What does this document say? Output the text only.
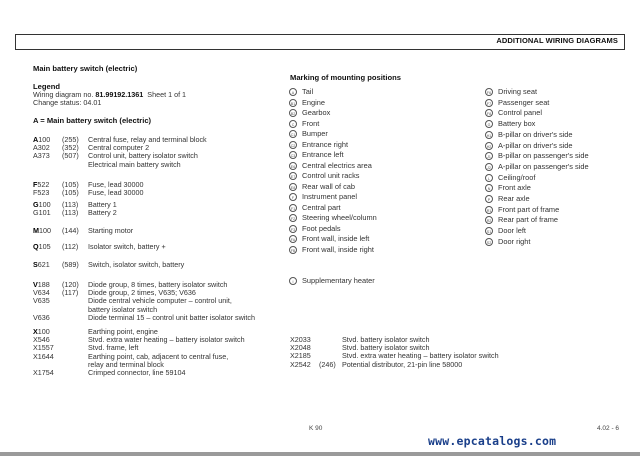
ADDITIONAL WIRING DIAGRAMS
Main battery switch (electric)
Legend
Wiring diagram no. 81.99192.1361 Sheet 1 of 1
Change status: 04.01
A = Main battery switch (electric)
A100	(255)	Central fuse, relay and terminal block
A302	(352)	Central computer 2
A373	(507)	Control unit, battery isolator switch
Electrical main battery switch
F522	(105)	Fuse, lead 30000
F523	(105)	Fuse, lead 30000
G100	(113)	Battery 1
G101	(113)	Battery 2
M100	(144)	Starting motor
Q105	(112)	Isolator switch, battery +
S621	(589)	Switch, isolator switch, battery
V188	(120)	Diode group, 8 times, battery isolator switch
V634	(117)	Diode group, 2 times, V635; V636
V635	Diode central vehicle computer – control unit,
battery isolator switch
V636	Diode terminal 15 – control unit batter isolator switch
X100	Earthing point, engine
X546	Stvd. extra water heating – battery isolator switch
X1557	Stvd. frame, left
X1644	Earthing point, cab, adjacent to central fuse,
relay and terminal block
X1754	Crimped connector, line 59104
Marking of mounting positions
A Tail
B1 Engine
B2 Gearbox
C Front
C1 Bumper
C2 Entrance right
C3 Entrance left
E6 Central electrics area
E7 Control unit racks
E8 Rear wall of cab
F Instrument panel
F1 Central part
F2 Steering wheel/column
F3 Foot pedals
FA Front wall, inside left
FB Front wall, inside right
I Supplementary heater
F6 Driving seat
F7 Passenger seat
F8 Control panel
G Battery box
H1 B-pillar on driver's side
H2 A-pillar on driver's side
J1 B-pillar on passenger's side
J2 A-pillar on passenger's side
L Ceiling/roof
N Front axle
P Rear axle
R1 Front part of frame
R2 Rear part of frame
S1 Door left
S2 Door right
X2033	Stvd. battery isolator switch
X2048	Stvd. battery isolator switch
X2185	Stvd. extra water heating – battery isolator switch
X2542 (246) Potential distributor, 21-pin line 58000
K 90	4.02 - 6
www.epcatalogs.com
